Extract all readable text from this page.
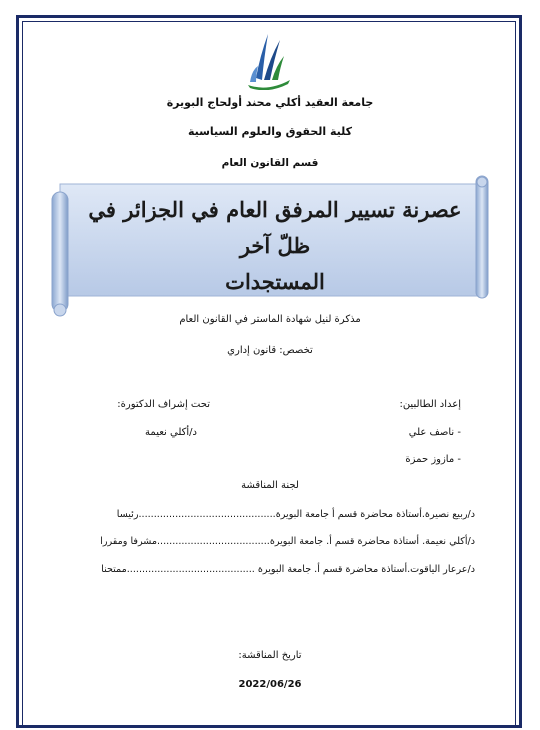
جامعة العقيد أكلي محند أولحاج البويرة
كلية الحقوق والعلوم السياسية
قسم القانون العام
عصرنة تسيير المرفق العام في الجزائر في ظلّ آخر
المستجدات
مذكرة لنيل شهادة الماستر في القانون العام
تخصص: قانون إداري
إعداد الطالبين:
- ناصف علي
- مازوز حمزة
تحت إشراف الدكتورة:
د/أكلي نعيمة
لجنة المناقشة
د/ربيع نصيرة.أستاذة محاضرة قسم أ جامعة البويرة.............................................رئيسا
د/أكلي نعيمة. أستاذة محاضرة قسم أ. جامعة البويرة.....................................مشرفا ومقررا
د/عرعار الياقوت.أستاذة محاضرة قسم أ. جامعة البويرة ..........................................ممتحنا
تاريخ المناقشة:
2022/06/26
